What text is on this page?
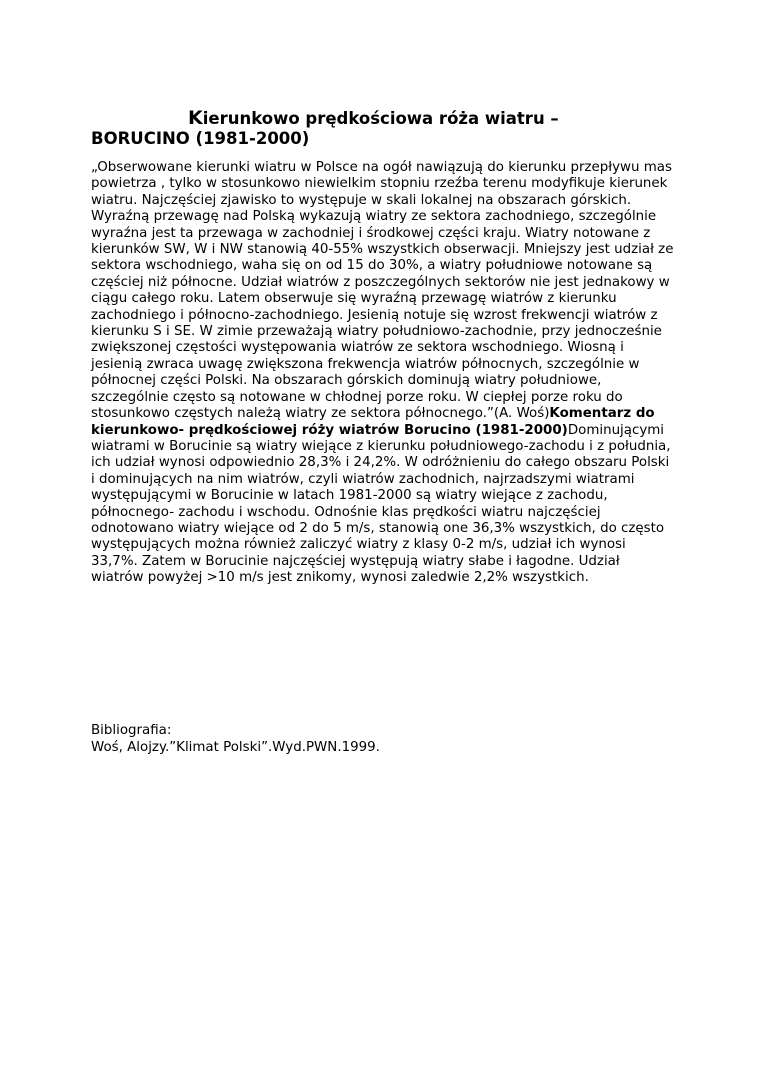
Kierunkowo prędkościowa róża wiatru –
BORUCINO (1981-2000)

„Obserwowane kierunki wiatru w Polsce na ogół nawiązują do kierunku przepływu mas powietrza , tylko w stosunkowo niewielkim stopniu rzeźba terenu modyfikuje kierunek wiatru. Najczęściej zjawisko to występuje w skali lokalnej na obszarach górskich. Wyraźną przewagę nad Polską wykazują wiatry ze sektora zachodniego, szczególnie wyraźna jest ta przewaga w zachodniej i środkowej części kraju. Wiatry notowane z kierunków SW, W i NW stanowią 40-55% wszystkich obserwacji. Mniejszy jest udział ze sektora wschodniego, waha się on od 15 do 30%, a wiatry południowe notowane są częściej niż północne. Udział wiatrów z poszczególnych sektorów nie jest jednakowy w ciągu całego roku. Latem obserwuje się wyraźną przewagę wiatrów z kierunku zachodniego i północno-zachodniego. Jesienią notuje się wzrost frekwencji wiatrów z kierunku S i SE. W zimie przeważają wiatry południowo-zachodnie, przy jednocześnie zwiększonej częstości występowania wiatrów ze sektora wschodniego. Wiosną i jesienią zwraca uwagę zwiększona frekwencja wiatrów północnych, szczególnie w północnej części Polski. Na obszarach górskich dominują wiatry południowe, szczególnie często są notowane w chłodnej porze roku. W ciepłej porze roku do stosunkowo częstych należą wiatry ze sektora północnego.”(A. Woś)Komentarz do kierunkowo- prędkościowej róży wiatrów Borucino (1981-2000)Dominującymi wiatrami w Borucinie są wiatry wiejące z kierunku południowego-zachodu i z południa, ich udział wynosi odpowiednio 28,3% i 24,2%. W odróżnieniu do całego obszaru Polski i dominujących na nim wiatrów, czyli wiatrów zachodnich, najrzadszymi wiatrami występującymi w Borucinie w latach 1981-2000 są wiatry wiejące z zachodu, północnego- zachodu i wschodu. Odnośnie klas prędkości wiatru najczęściej odnotowano wiatry wiejące od 2 do 5 m/s, stanowią one 36,3% wszystkich, do często występujących można również zaliczyć wiatry z klasy 0-2 m/s, udział ich wynosi 33,7%. Zatem w Borucinie najczęściej występują wiatry słabe i łagodne. Udział wiatrów powyżej >10 m/s jest znikomy, wynosi zaledwie 2,2% wszystkich.

Bibliografia:
Woś, Alojzy.”Klimat Polski”.Wyd.PWN.1999.
